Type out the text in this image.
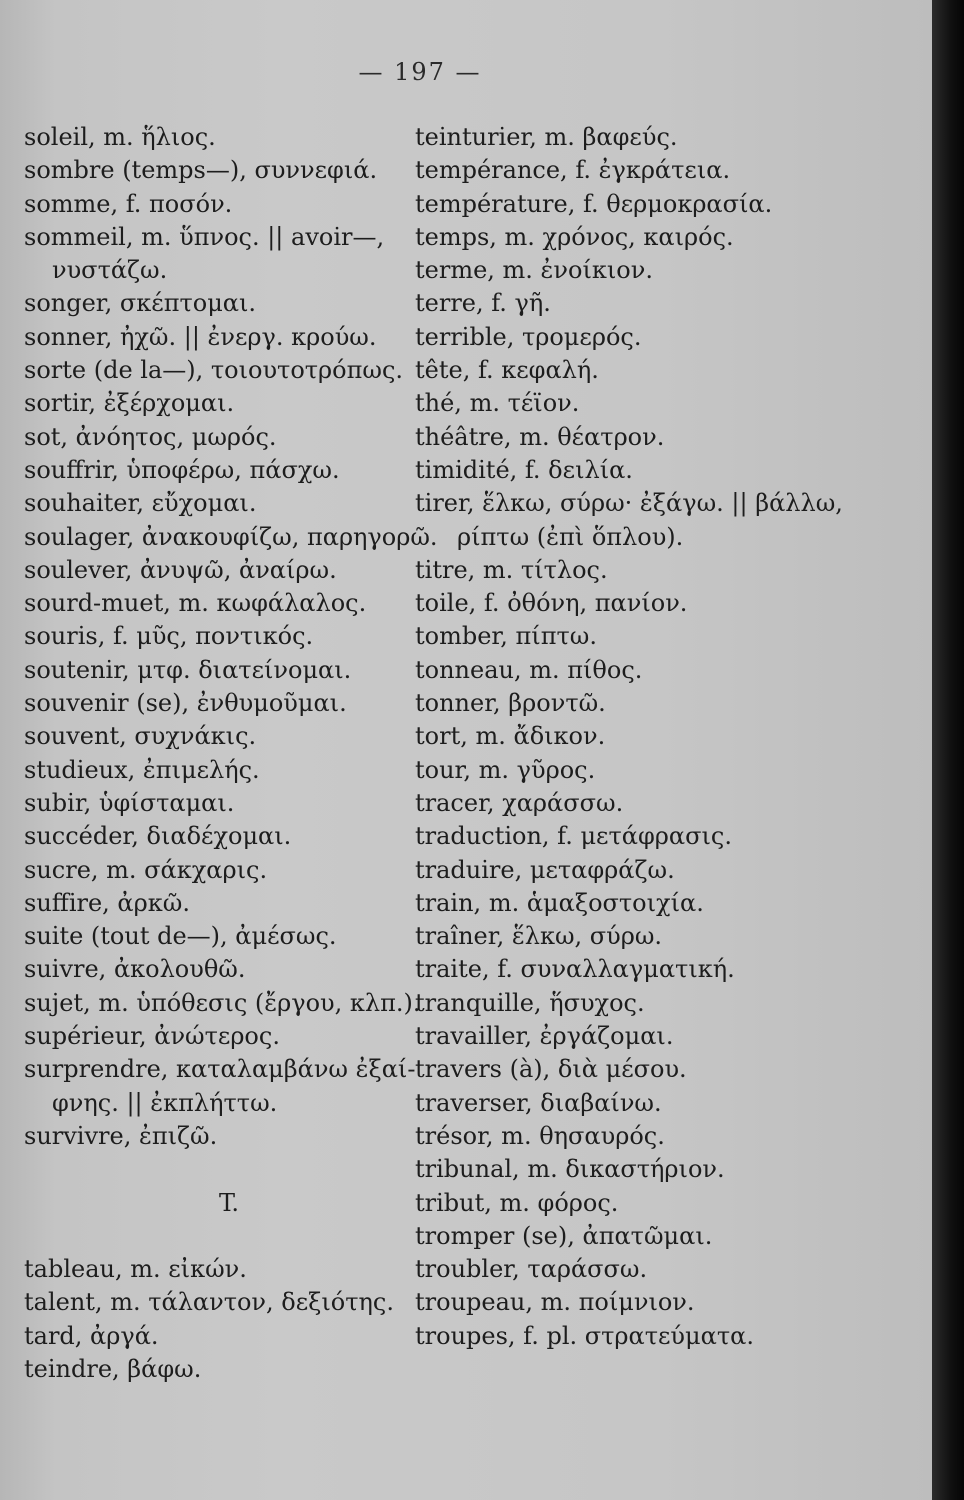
— 197 —
soleil, m. ἥλιος.
sombre (temps—), συννεφιά.
somme, f. ποσόν.
sommeil, m. ὕπνος. || avoir—,
νυστάζω.
songer, σκέπτομαι.
sonner, ἠχῶ. || ἐνεργ. κρούω.
sorte (de la—), τοιουτοτρόπως.
sortir, ἐξέρχομαι.
sot, ἀνόητος, μωρός.
souffrir, ὑποφέρω, πάσχω.
souhaiter, εὔχομαι.
soulager, ἀνακουφίζω, παρηγορῶ.
soulever, ἀνυψῶ, ἀναίρω.
sourd-muet, m. κωφάλαλος.
souris, f. μῦς, ποντικός.
soutenir, μτφ. διατείνομαι.
souvenir (se), ἐνθυμοῦμαι.
souvent, συχνάκις.
studieux, ἐπιμελής.
subir, ὑφίσταμαι.
succéder, διαδέχομαι.
sucre, m. σάκχαρις.
suffire, ἀρκῶ.
suite (tout de—), ἀμέσως.
suivre, ἀκολουθῶ.
sujet, m. ὑπόθεσις (ἔργου, κλπ.).
supérieur, ἀνώτερος.
surprendre, καταλαμβάνω ἐξαί-
φνης. || ἐκπλήττω.
survivre, ἐπιζῶ.
T.
tableau, m. εἰκών.
talent, m. τάλαντον, δεξιότης.
tard, ἀργά.
teindre, βάφω.
teinturier, m. βαφεύς.
tempérance, f. ἐγκράτεια.
température, f. θερμοκρασία.
temps, m. χρόνος, καιρός.
terme, m. ἐνοίκιον.
terre, f. γῆ.
terrible, τρομερός.
tête, f. κεφαλή.
thé, m. τέϊον.
théâtre, m. θέατρον.
timidité, f. δειλία.
tirer, ἕλκω, σύρω· ἐξάγω. || βάλλω,
ρίπτω (ἐπὶ ὅπλου).
titre, m. τίτλος.
toile, f. ὀθόνη, πανίον.
tomber, πίπτω.
tonneau, m. πίθος.
tonner, βροντῶ.
tort, m. ἄδικον.
tour, m. γῦρος.
tracer, χαράσσω.
traduction, f. μετάφρασις.
traduire, μεταφράζω.
train, m. ἁμαξοστοιχία.
traîner, ἕλκω, σύρω.
traite, f. συναλλαγματική.
tranquille, ἥσυχος.
travailler, ἐργάζομαι.
travers (à), διὰ μέσου.
traverser, διαβαίνω.
trésor, m. θησαυρός.
tribunal, m. δικαστήριον.
tribut, m. φόρος.
tromper (se), ἀπατῶμαι.
troubler, ταράσσω.
troupeau, m. ποίμνιον.
troupes, f. pl. στρατεύματα.
